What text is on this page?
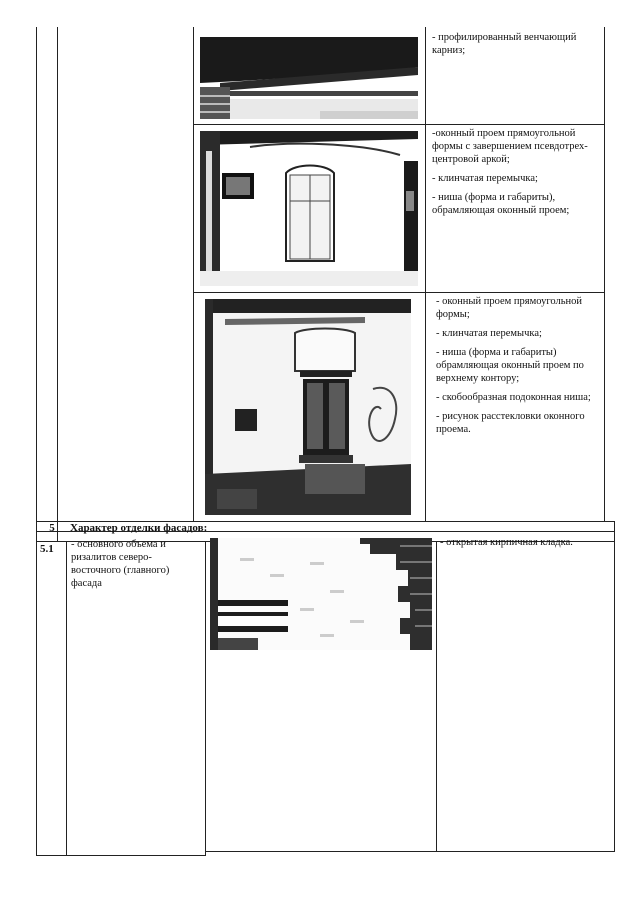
- профилированный венчающий карниз;

-оконный проем прямоугольной формы с завершением псевдотрех-центровой аркой;

- клинчатая перемычка;

- ниша (форма и габариты), обрамляющая оконный проем;

- оконный проем прямоугольной формы;

- клинчатая перемычка;

- ниша (форма и габариты) обрамляющая оконный проем по верхнему контору;

- скобообразная подоконная ниша;

- рисунок расстекловки оконного проема.

5	Характер отделки фасадов:
5.1	- основного объема и ризалитов северо-восточного (главного) фасада

- открытая кирпичная кладка.
